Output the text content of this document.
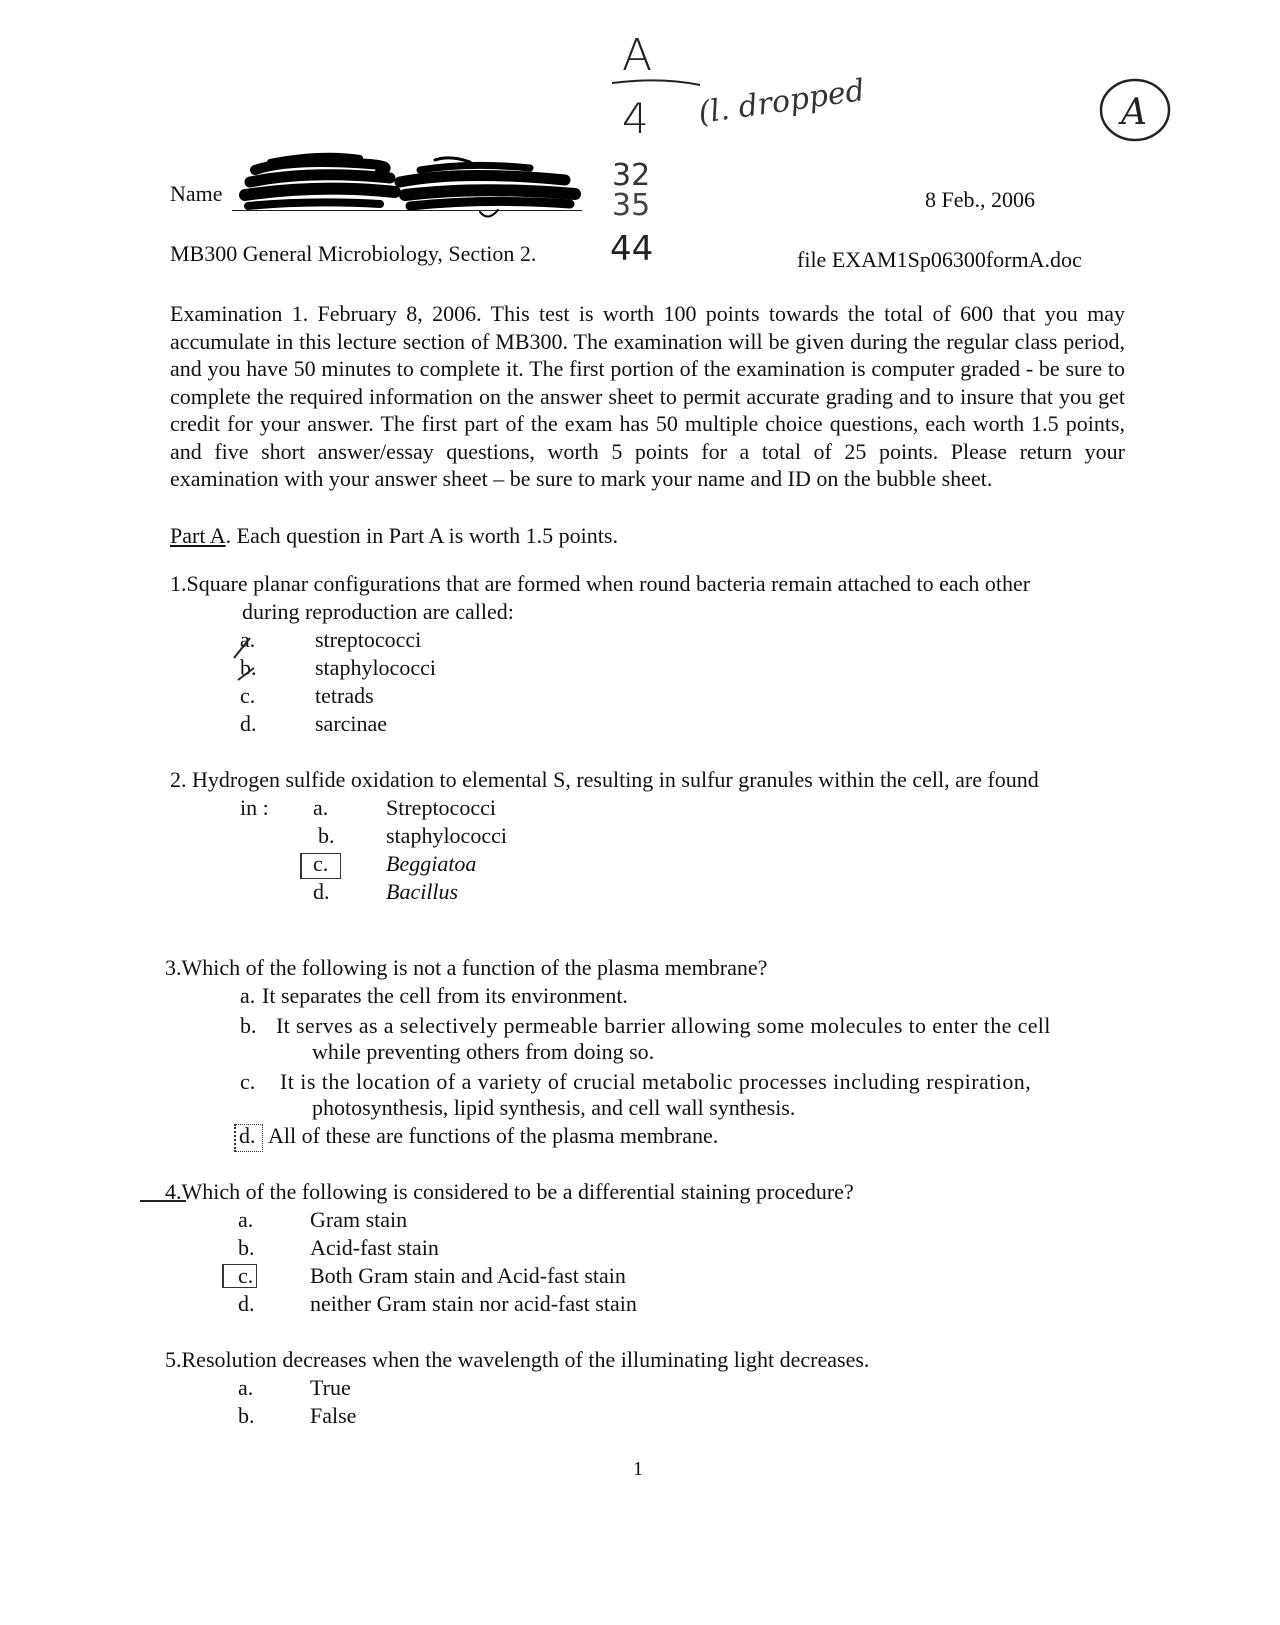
Name	8 Feb., 2006
MB300 General Microbiology, Section 2.	file EXAM1Sp06300formA.doc
A
4 (l. dropped
32
35
44
A

Examination 1. February 8, 2006. This test is worth 100 points towards the total of 600 that you may accumulate in this lecture section of MB300. The examination will be given during the regular class period, and you have 50 minutes to complete it. The first portion of the examination is computer graded - be sure to complete the required information on the answer sheet to permit accurate grading and to insure that you get credit for your answer. The first part of the exam has 50 multiple choice questions, each worth 1.5 points, and five short answer/essay questions, worth 5 points for a total of 25 points. Please return your examination with your answer sheet – be sure to mark your name and ID on the bubble sheet.

Part A. Each question in Part A is worth 1.5 points.
1.Square planar configurations that are formed when round bacteria remain attached to each other
during reproduction are called:
a.	streptococci
b.	staphylococci
c.	tetrads
d.	sarcinae
2. Hydrogen sulfide oxidation to elemental S, resulting in sulfur granules within the cell, are found
in : a.	Streptococci
b. staphylococci
c.	Beggiatoa
d.	Bacillus
3.Which of the following is not a function of the plasma membrane?
a. It separates the cell from its environment.
b. It serves as a selectively permeable barrier allowing some molecules to enter the cell
while preventing others from doing so.
c. It is the location of a variety of crucial metabolic processes including respiration,
photosynthesis, lipid synthesis, and cell wall synthesis.
d. All of these are functions of the plasma membrane.
4.Which of the following is considered to be a differential staining procedure?
a.	Gram stain
b.	Acid-fast stain
c.	Both Gram stain and Acid-fast stain
d.	neither Gram stain nor acid-fast stain
5.Resolution decreases when the wavelength of the illuminating light decreases.
a.	True
b.	False
1
